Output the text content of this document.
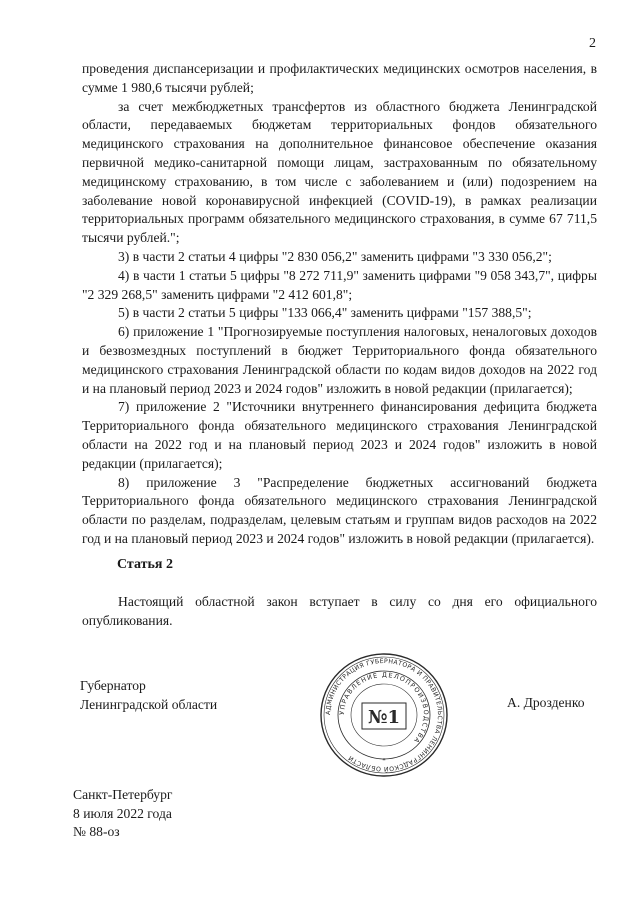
2

проведения диспансеризации и профилактических медицинских осмотров населения, в сумме 1 980,6 тысячи рублей;

за счет межбюджетных трансфертов из областного бюджета Ленинградской области, передаваемых бюджетам территориальных фондов обязательного медицинского страхования на дополнительное финансовое обеспечение оказания первичной медико-санитарной помощи лицам, застрахованным по обязательному медицинскому страхованию, в том числе с заболеванием и (или) подозрением на заболевание новой коронавирусной инфекцией (COVID-19), в рамках реализации территориальных программ обязательного медицинского страхования, в сумме 67 711,5 тысячи рублей.";

3) в части 2 статьи 4 цифры "2 830 056,2" заменить цифрами "3 330 056,2";

4) в части 1 статьи 5 цифры "8 272 711,9" заменить цифрами "9 058 343,7", цифры "2 329 268,5" заменить цифрами "2 412 601,8";

5) в части 2 статьи 5 цифры "133 066,4" заменить цифрами "157 388,5";

6) приложение 1 "Прогнозируемые поступления налоговых, неналоговых доходов и безвозмездных поступлений в бюджет Территориального фонда обязательного медицинского страхования Ленинградской области по кодам видов доходов на 2022 год и на плановый период 2023 и 2024 годов" изложить в новой редакции (прилагается);

7) приложение 2 "Источники внутреннего финансирования дефицита бюджета Территориального фонда обязательного медицинского страхования Ленинградской области на 2022 год и на плановый период 2023 и 2024 годов" изложить в новой редакции (прилагается);

8) приложение 3 "Распределение бюджетных ассигнований бюджета Территориального фонда обязательного медицинского страхования Ленинградской области по разделам, подразделам, целевым статьям и группам видов расходов на 2022 год и на плановый период 2023 и 2024 годов" изложить в новой редакции (прилагается).

Статья 2
Настоящий областной закон вступает в силу со дня его официального опубликования.
Губернатор
Ленинградской области
АДМИНИСТРАЦИЯ ГУБЕРНАТОРА И ПРАВИТЕЛЬСТВА ЛЕНИНГРАДСКОЙ ОБЛАСТИ
УПРАВЛЕНИЕ ДЕЛОПРОИЗВОДСТВА
№1
*
А. Дрозденко
Санкт-Петербург
8 июля 2022 года
№ 88-оз
